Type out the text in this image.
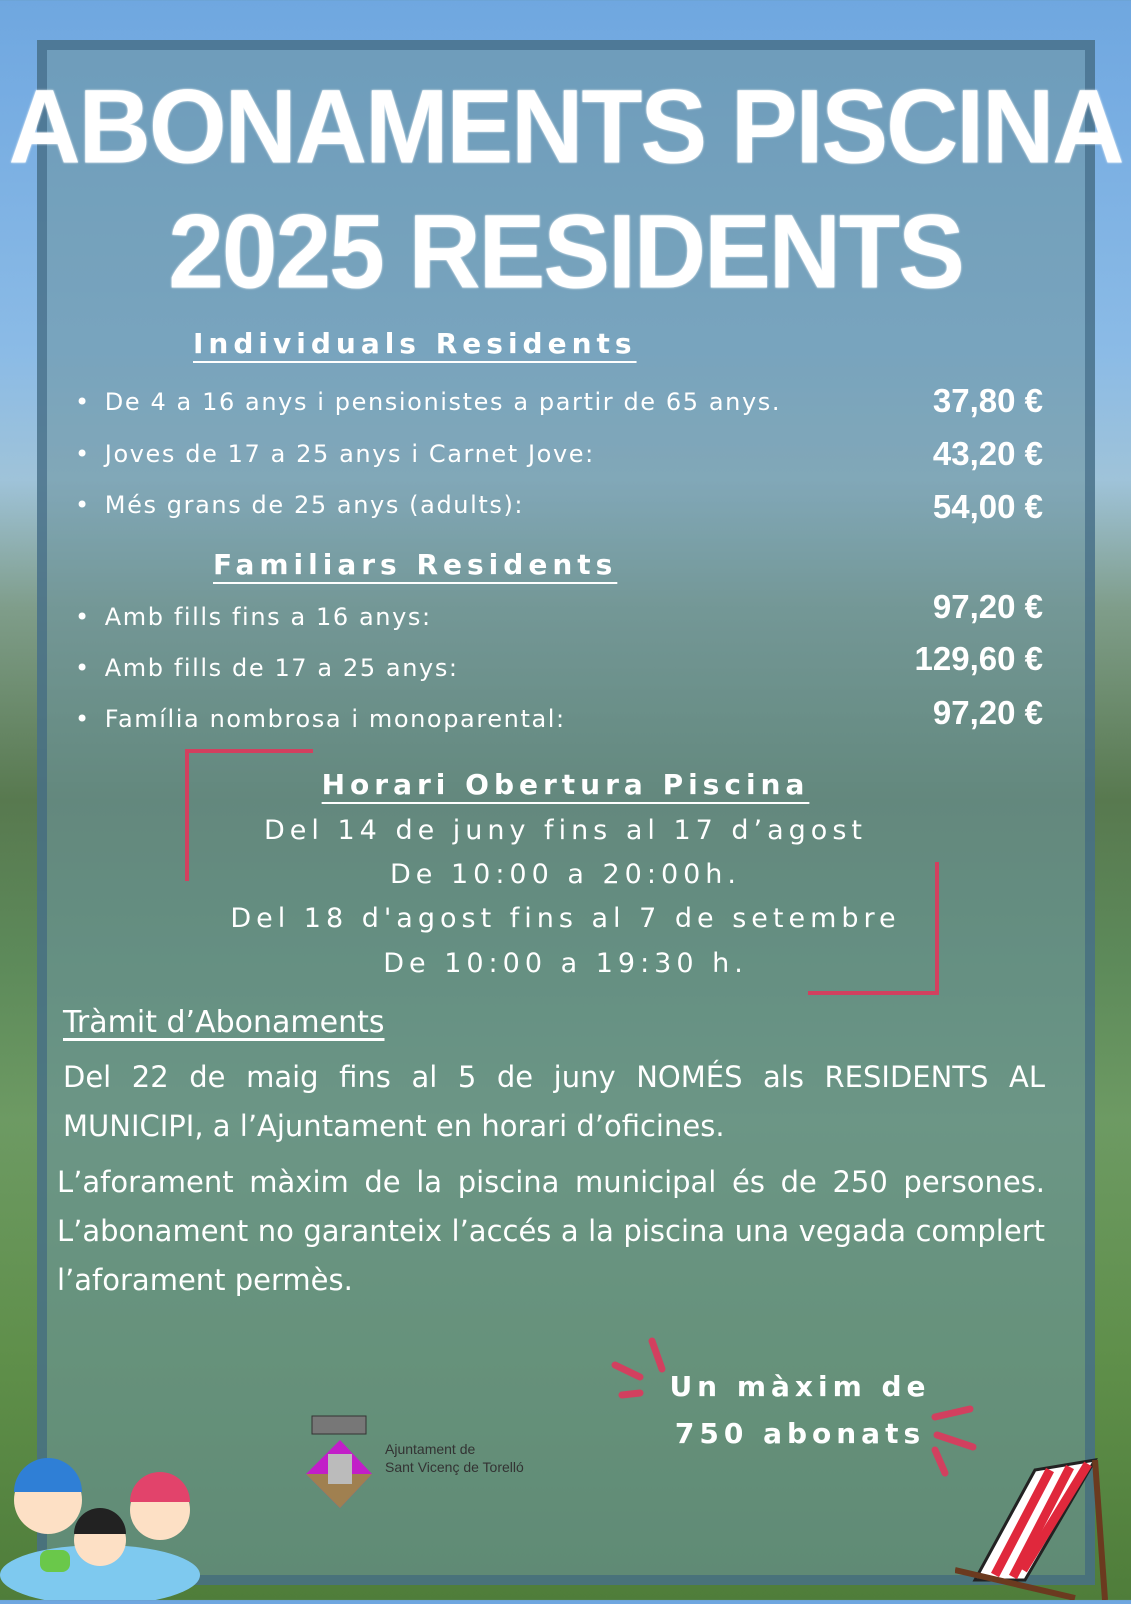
ABONAMENTS PISCINA
2025 RESIDENTS
Individuals Residents
• De 4 a 16 anys i pensionistes a partir de 65 anys.	37,80 €
• Joves de 17 a 25 anys i Carnet Jove:	43,20 €
• Més grans de 25 anys (adults):	54,00 €
Familiars Residents
• Amb fills fins a 16 anys:	97,20 €
• Amb fills de 17 a 25 anys:	129,60 €
• Família nombrosa i monoparental:	97,20 €
Horari Obertura Piscina
Del 14 de juny fins al 17 d’agost
De 10:00 a 20:00h.
Del 18 d'agost fins al 7 de setembre
De 10:00 a 19:30 h.
Tràmit d’Abonaments
Del 22 de maig fins al 5 de juny NOMÉS als RESIDENTS AL MUNICIPI, a l’Ajuntament en horari d’oficines.
L’aforament màxim de la piscina municipal és de 250 persones. L’abonament no garanteix l’accés a la piscina una vegada complert l’aforament permès.
Un màxim de
750 abonats
Ajuntament de
Sant Vicenç de Torelló
